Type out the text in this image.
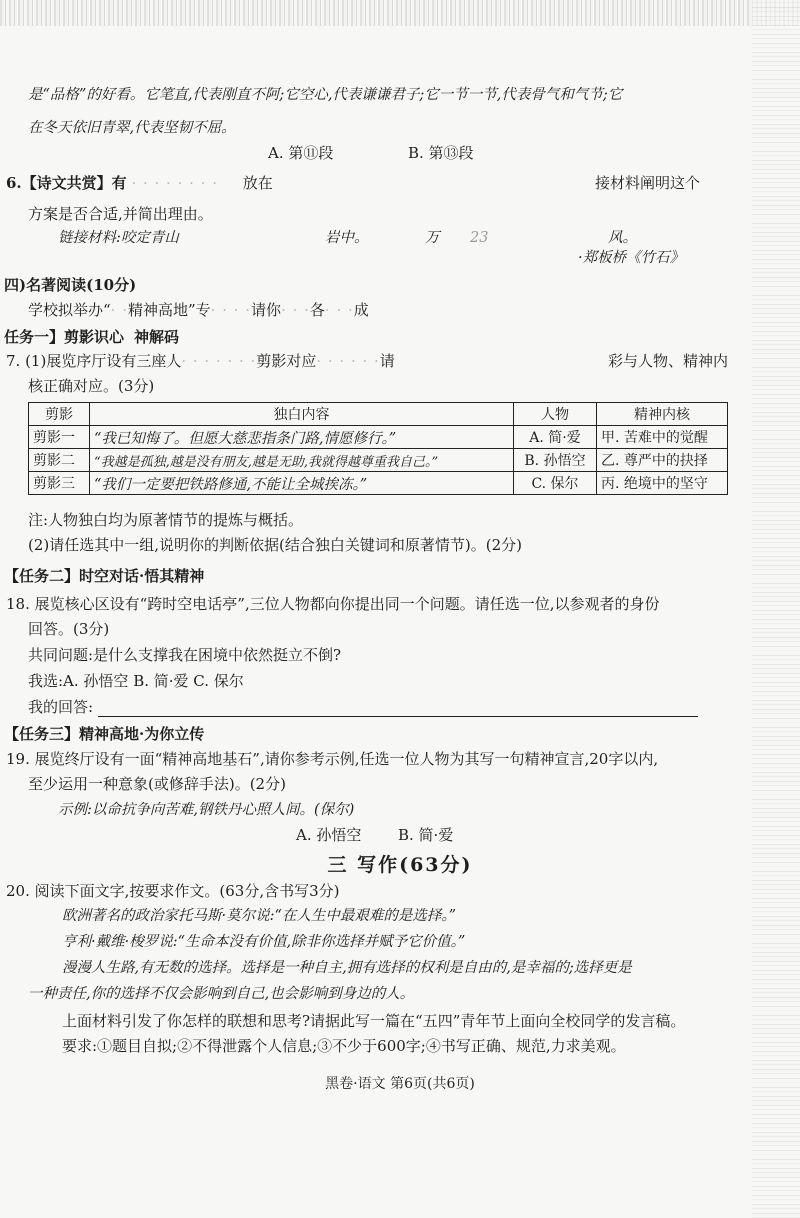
是“品格”的好看。它笔直,代表刚直不阿;它空心,代表谦谦君子;它一节一节,代表骨气和气节;它
在冬天依旧青翠,代表坚韧不屈。
A. 第⑪段	B. 第⑬段
6.【诗文共赏】有 · · · · · · · · 放在	接材料阐明这个
方案是否合适,并简出理由。
链接材料:咬定青山	岩中。	万 23	风。
·郑板桥《竹石》
四)名著阅读(10分)
学校拟举办“· ·精神高地”专· · · ·请你· · ·各· · ·成
任务一】剪影识心 神解码
7. (1)展览序厅设有三座人· · · · · · ·剪影对应· · · · · ·请	彩与人物、精神内
核正确对应。(3分)
剪影	独白内容	人物	精神内核
剪影一	“我已知悔了。但愿大慈悲指条门路,情愿修行。”	A. 简·爱	甲. 苦难中的觉醒
剪影二	“我越是孤独,越是没有朋友,越是无助,我就得越尊重我自己。”	B. 孙悟空	乙. 尊严中的抉择
剪影三	“我们一定要把铁路修通,不能让全城挨冻。”	C. 保尔	丙. 绝境中的坚守
注:人物独白均为原著情节的提炼与概括。
(2)请任选其中一组,说明你的判断依据(结合独白关键词和原著情节)。(2分)
【任务二】时空对话·悟其精神
18. 展览核心区设有“跨时空电话亭”,三位人物都向你提出同一个问题。请任选一位,以参观者的身份
回答。(3分)
共同问题:是什么支撑我在困境中依然挺立不倒?
我选:A. 孙悟空 B. 简·爱 C. 保尔
我的回答:
【任务三】精神高地·为你立传
19. 展览终厅设有一面“精神高地基石”,请你参考示例,任选一位人物为其写一句精神宣言,20字以内,
至少运用一种意象(或修辞手法)。(2分)
示例:以命抗争向苦难,钢铁丹心照人间。(保尔)
A. 孙悟空 B. 简·爱
三 写作(63分)
20. 阅读下面文字,按要求作文。(63分,含书写3分)
欧洲著名的政治家托马斯·莫尔说:“在人生中最艰难的是选择。”
亨利·戴维·梭罗说:“生命本没有价值,除非你选择并赋予它价值。”
漫漫人生路,有无数的选择。选择是一种自主,拥有选择的权利是自由的,是幸福的;选择更是
一种责任,你的选择不仅会影响到自己,也会影响到身边的人。
上面材料引发了你怎样的联想和思考?请据此写一篇在“五四”青年节上面向全校同学的发言稿。
要求:①题目自拟;②不得泄露个人信息;③不少于600字;④书写正确、规范,力求美观。
黑卷·语文 第6页(共6页)
